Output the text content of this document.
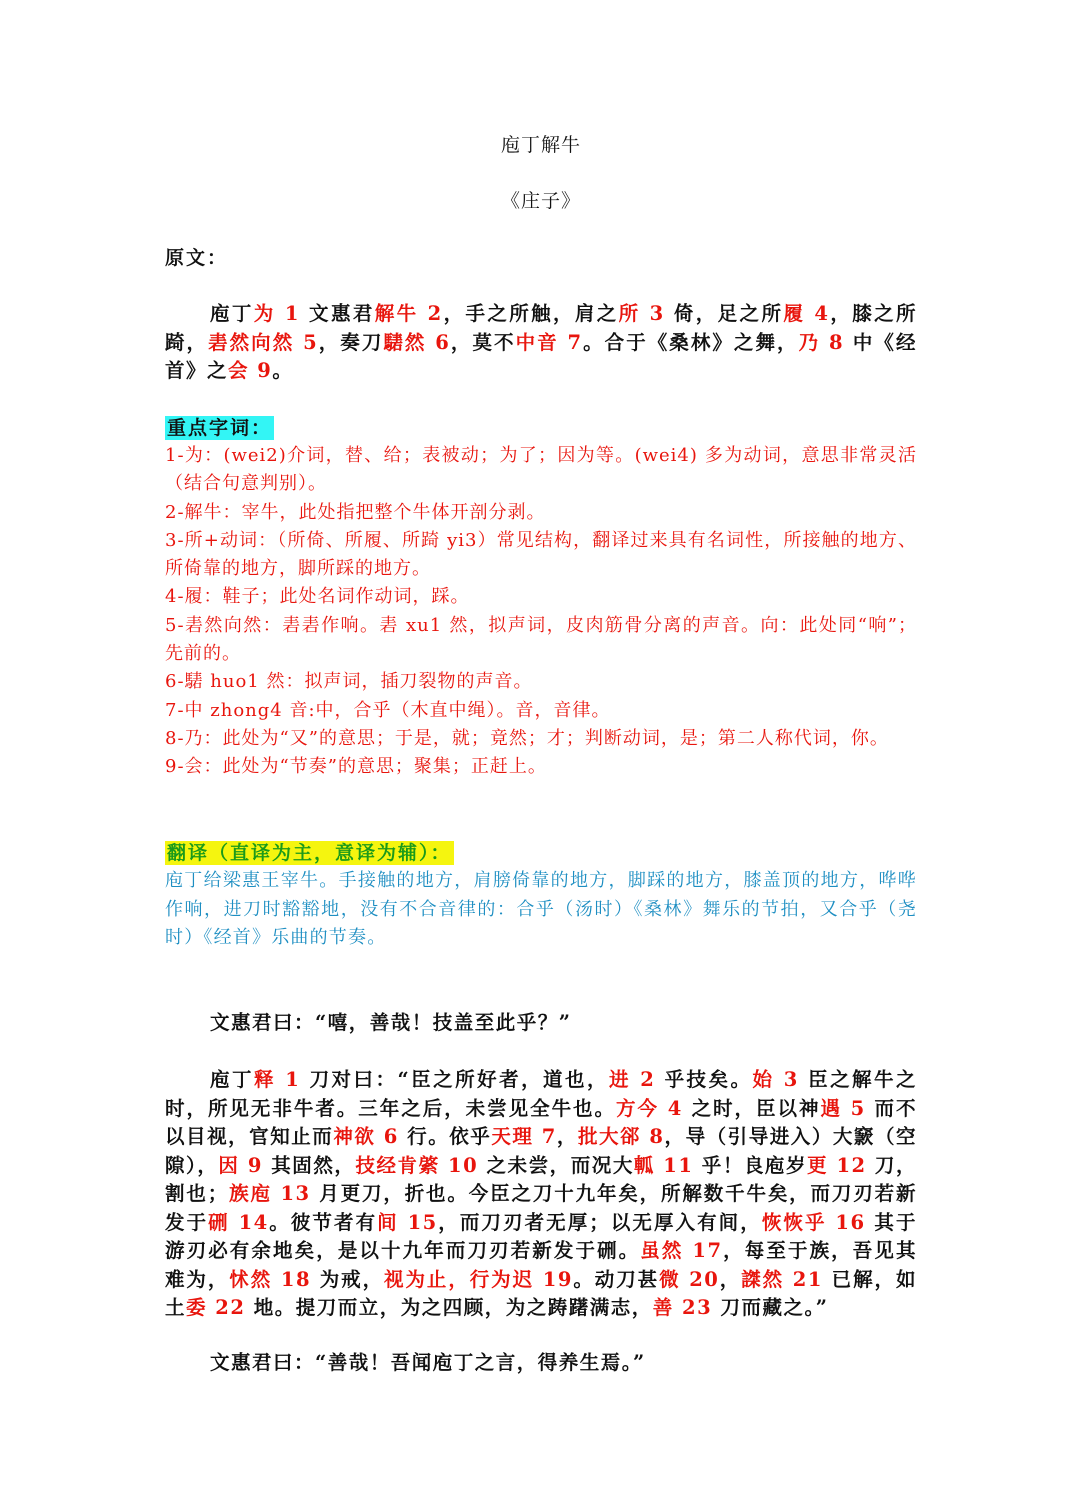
庖丁解牛
《庄子》
原文：
庖丁为 1 文惠君解牛 2，手之所触，肩之所 3 倚，足之所履 4，膝之所踦，砉然向然 5，奏刀騞然 6，莫不中音 7。合于《桑林》之舞，乃 8 中《经首》之会 9。
重点字词：
1-为：(wei2)介词，替、给；表被动；为了；因为等。(wei4) 多为动词，意思非常灵活（结合句意判别）。
2-解牛：宰牛，此处指把整个牛体开剖分剥。
3-所+动词：（所倚、所履、所踦 yi3）常见结构，翻译过来具有名词性，所接触的地方、所倚靠的地方，脚所踩的地方。
4-履：鞋子；此处名词作动词，踩。
5-砉然向然：砉砉作响。砉 xu1 然，拟声词，皮肉筋骨分离的声音。向：此处同“响”；先前的。
6-騞 huo1 然：拟声词，插刀裂物的声音。
7-中 zhong4 音:中，合乎（木直中绳）。音，音律。
8-乃：此处为“又”的意思；于是，就；竟然；才；判断动词，是；第二人称代词，你。
9-会：此处为“节奏”的意思；聚集；正赶上。
翻译（直译为主，意译为辅）：
庖丁给梁惠王宰牛。手接触的地方，肩膀倚靠的地方，脚踩的地方，膝盖顶的地方，哗哗作响，进刀时豁豁地，没有不合音律的：合乎（汤时）《桑林》舞乐的节拍，又合乎（尧时）《经首》乐曲的节奏。
文惠君曰：“嘻，善哉！技盖至此乎？”
庖丁释 1 刀对曰：“臣之所好者，道也，进 2 乎技矣。始 3 臣之解牛之时，所见无非牛者。三年之后，未尝见全牛也。方今 4 之时，臣以神遇 5 而不以目视，官知止而神欲 6 行。依乎天理 7，批大郤 8，导（引导进入）大窾（空隙），因 9 其固然，技经肯綮 10 之未尝，而况大軱 11 乎！良庖岁更 12 刀，割也；族庖 13 月更刀，折也。今臣之刀十九年矣，所解数千牛矣，而刀刃若新发于硎 14。彼节者有间 15，而刀刃者无厚；以无厚入有间，恢恢乎 16 其于游刃必有余地矣，是以十九年而刀刃若新发于硎。虽然 17，每至于族，吾见其难为，怵然 18 为戒，视为止，行为迟 19。动刀甚微 20，謋然 21 已解，如土委 22 地。提刀而立，为之四顾，为之踌躇满志，善 23 刀而藏之。”
文惠君曰：“善哉！吾闻庖丁之言，得养生焉。”
